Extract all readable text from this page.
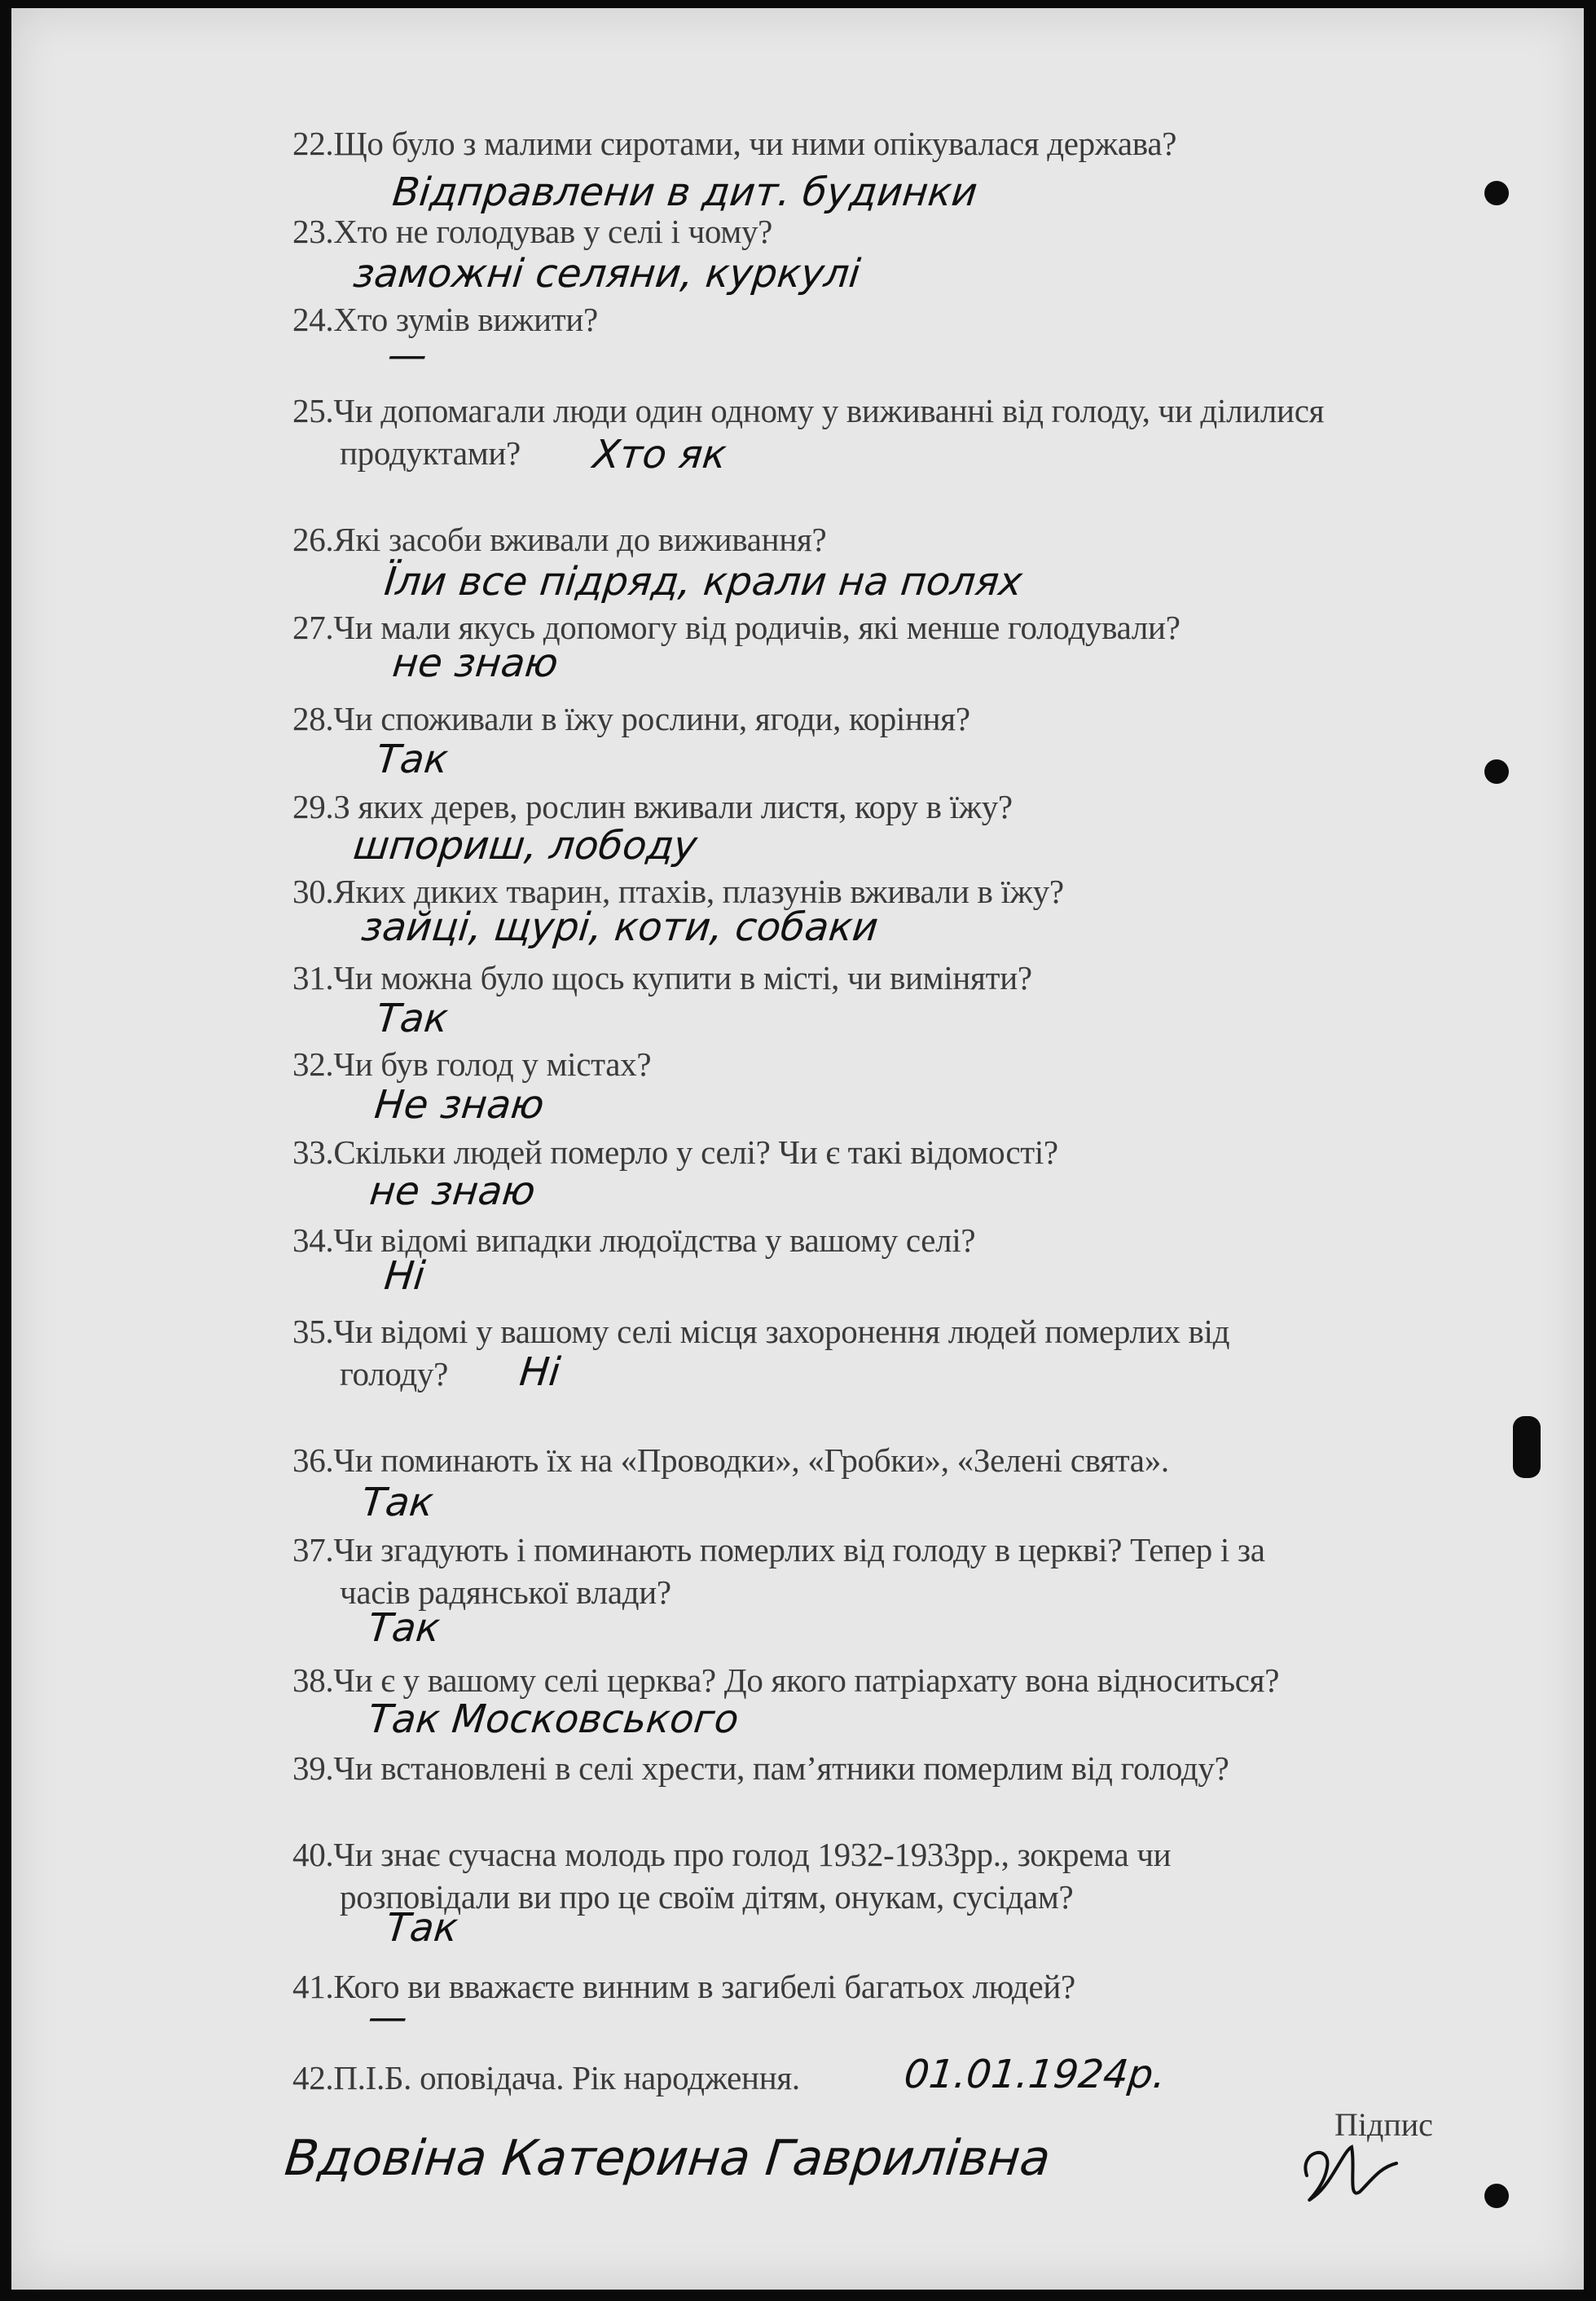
22.Що було з малими сиротами, чи ними опікувалася держава?
Відправлени в дит. будинки
23.Хто не голодував у селі і чому?
заможні селяни, куркулі
24.Хто зумів вижити?
—
25.Чи допомагали люди один одному у виживанні від голоду, чи ділилися
продуктами?	Хто як
26.Які засоби вживали до виживання?
Їли все підряд, крали на полях
27.Чи мали якусь допомогу від родичів, які менше голодували?
не знаю
28.Чи споживали в їжу рослини, ягоди, коріння?
Так
29.З яких дерев, рослин вживали листя, кору в їжу?
шпориш, лободу
30.Яких диких тварин, птахів, плазунів вживали в їжу?
зайці, щурі, коти, собаки
31.Чи можна було щось купити в місті, чи виміняти?
Так
32.Чи був голод у містах?
Не знаю
33.Скільки людей померло у селі? Чи є такі відомості?
не знаю
34.Чи відомі випадки людоїдства у вашому селі?
Ні
35.Чи відомі у вашому селі місця захоронення людей померлих від
голоду?	Ні
36.Чи поминають їх на «Проводки», «Гробки», «Зелені свята».
Так
37.Чи згадують і поминають померлих від голоду в церкві? Тепер і за
часів радянської влади?
Так
38.Чи є у вашому селі церква? До якого патріархату вона відноситься?
Так Московського
39.Чи встановлені в селі хрести, пам’ятники померлим від голоду?
40.Чи знає сучасна молодь про голод 1932-1933рр., зокрема чи
розповідали ви про це своїм дітям, онукам, сусідам?
Так
41.Кого ви вважаєте винним в загибелі багатьох людей?
—
42.П.І.Б. оповідача. Рік народження.	01.01.1924р.
Вдовіна Катерина Гаврилівна
Підпис
